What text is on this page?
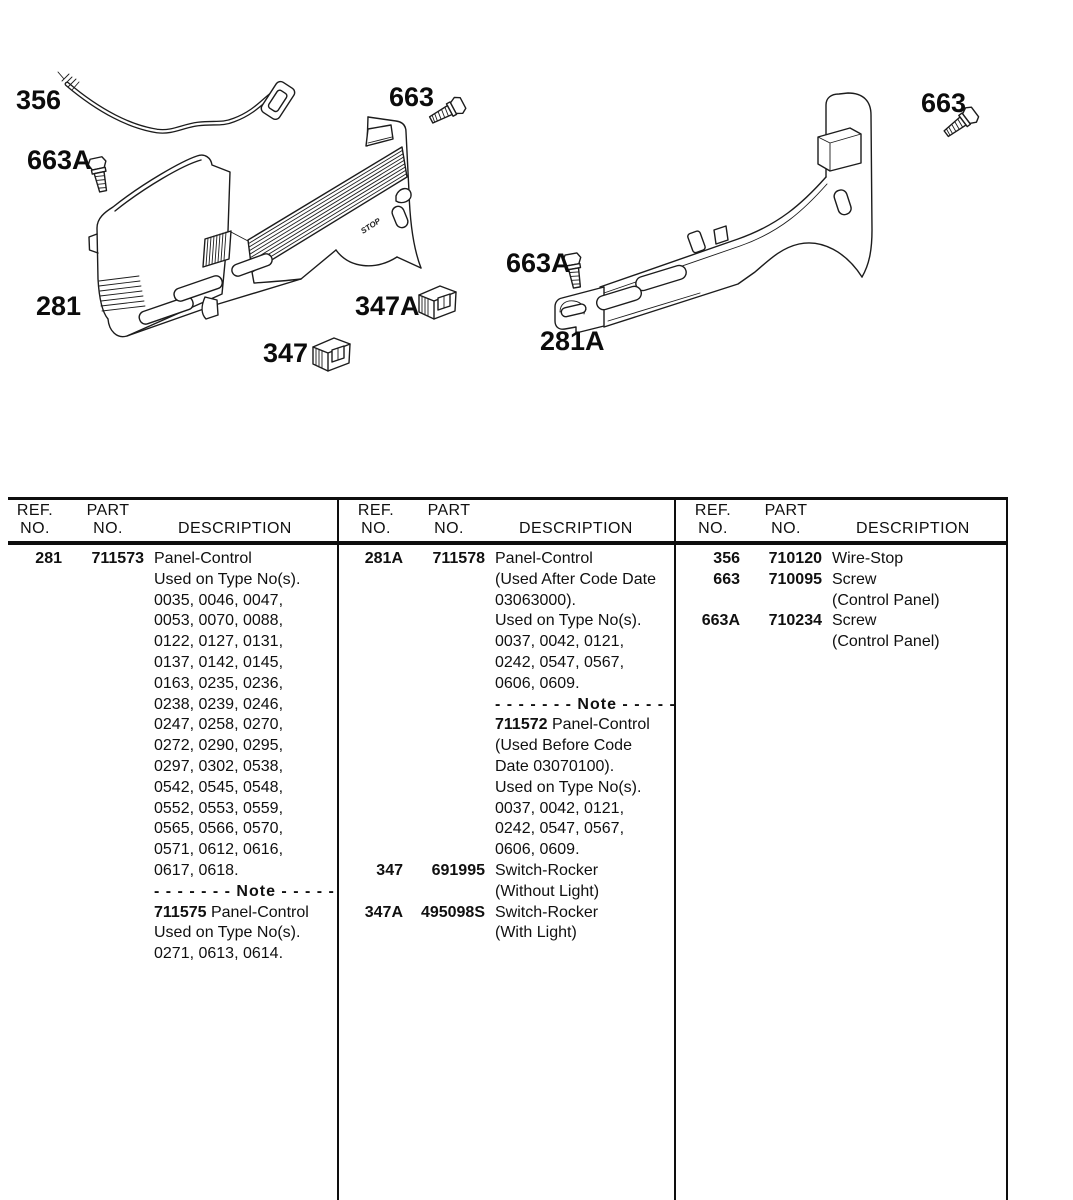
STOP
356	663
663A
281	347A
347
663
663A
281A
REF.
NO.
PART
NO.	DESCRIPTION
REF.
NO.
PART
NO.	DESCRIPTION
REF.
NO.
PART
NO.	DESCRIPTION
281	711573 Panel-Control
Used on Type No(s).
0035, 0046, 0047,
0053, 0070, 0088,
0122, 0127, 0131,
0137, 0142, 0145,
0163, 0235, 0236,
0238, 0239, 0246,
0247, 0258, 0270,
0272, 0290, 0295,
0297, 0302, 0538,
0542, 0545, 0548,
0552, 0553, 0559,
0565, 0566, 0570,
0571, 0612, 0616,
0617, 0618.
- - - - - - - Note - - - - -
711575 Panel-Control
Used on Type No(s).
0271, 0613, 0614.
281A	711578 Panel-Control
(Used After Code Date
03063000).
Used on Type No(s).
0037, 0042, 0121,
0242, 0547, 0567,
0606, 0609.
- - - - - - - Note - - - - -
711572 Panel-Control
(Used Before Code
Date 03070100).
Used on Type No(s).
0037, 0042, 0121,
0242, 0547, 0567,
0606, 0609.
347	691995 Switch-Rocker
(Without Light)
347A	495098S Switch-Rocker
(With Light)
356	710120 Wire-Stop
663	710095 Screw
(Control Panel)
663A	710234 Screw
(Control Panel)
